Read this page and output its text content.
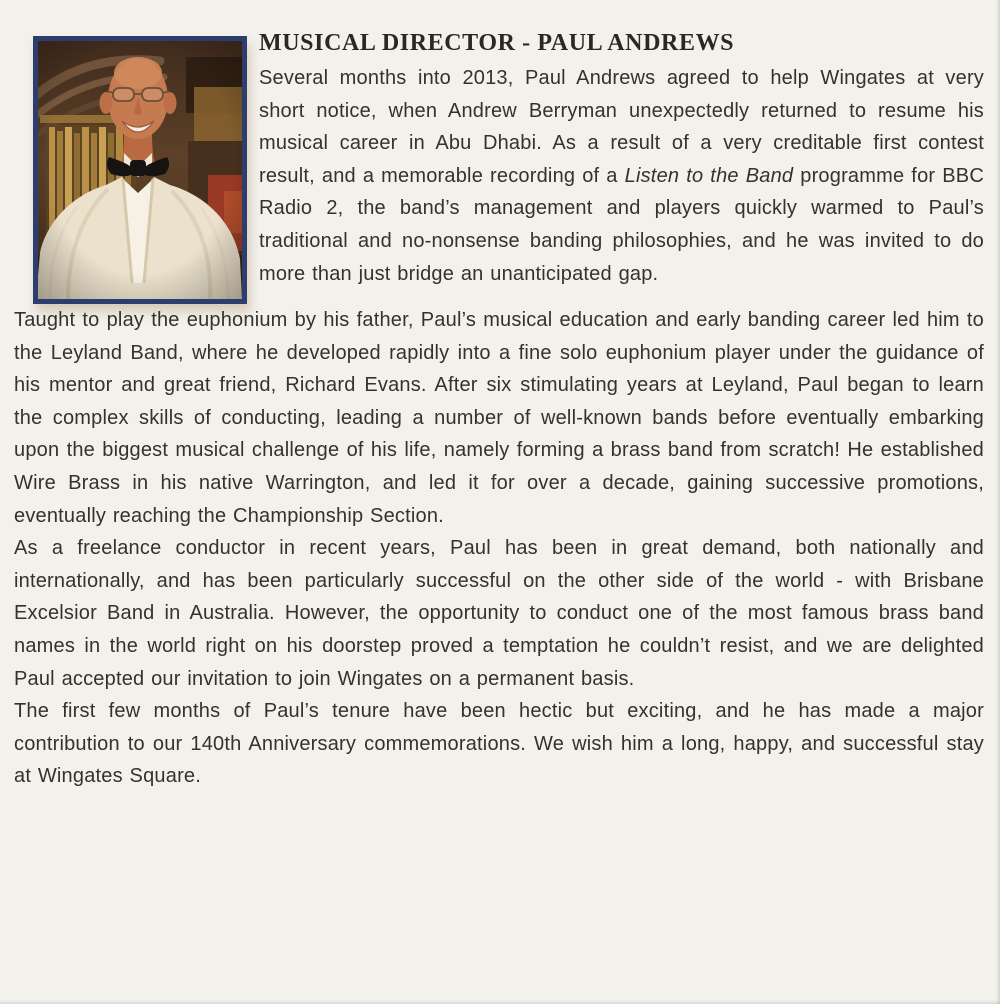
MUSICAL DIRECTOR - PAUL ANDREWS

Several months into 2013, Paul Andrews agreed to help Wingates at very short notice, when Andrew Berryman unexpectedly returned to resume his musical career in Abu Dhabi. As a result of a very creditable first contest result, and a memorable recording of a Listen to the Band programme for BBC Radio 2, the band’s management and players quickly warmed to Paul’s traditional and no-nonsense banding philosophies, and he was invited to do more than just bridge an unanticipated gap.

Taught to play the euphonium by his father, Paul’s musical education and early banding career led him to the Leyland Band, where he developed rapidly into a fine solo euphonium player under the guidance of his mentor and great friend, Richard Evans. After six stimulating years at Leyland, Paul began to learn the complex skills of conducting, leading a number of well-known bands before eventually embarking upon the biggest musical challenge of his life, namely forming a brass band from scratch! He established Wire Brass in his native Warrington, and led it for over a decade, gaining successive promotions, eventually reaching the Championship Section.

As a freelance conductor in recent years, Paul has been in great demand, both nationally and internationally, and has been particularly successful on the other side of the world - with Brisbane Excelsior Band in Australia. However, the opportunity to conduct one of the most famous brass band names in the world right on his doorstep proved a temptation he couldn’t resist, and we are delighted Paul accepted our invitation to join Wingates on a permanent basis.

The first few months of Paul’s tenure have been hectic but exciting, and he has made a major contribution to our 140th Anniversary commemorations. We wish him a long, happy, and successful stay at Wingates Square.
